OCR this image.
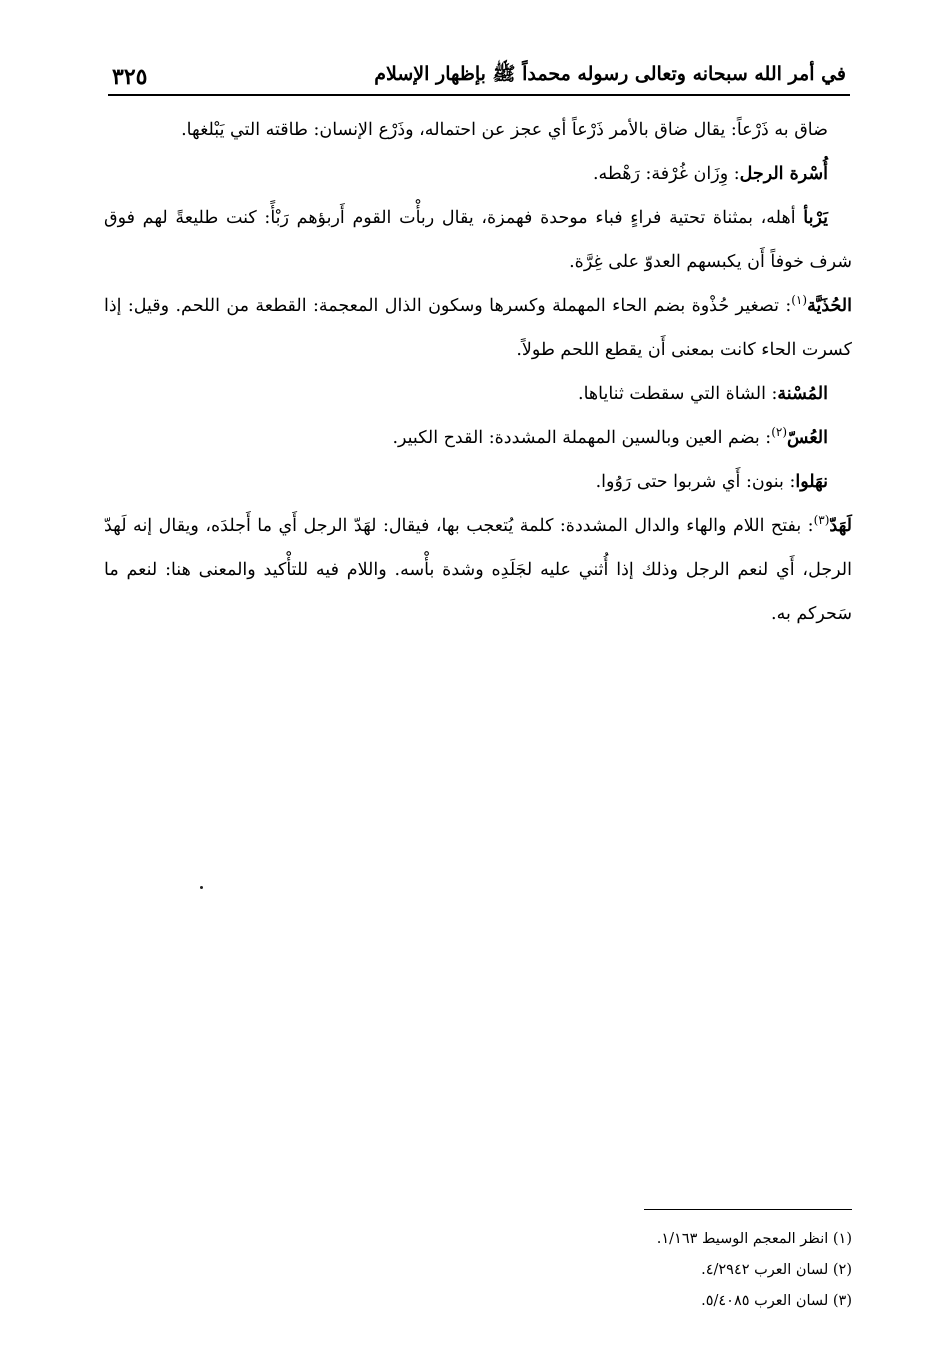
في أمر الله سبحانه وتعالى رسوله محمداً ﷺ بإظهار الإسلام
٣٢٥

ضاق به ذَرْعاً: يقال ضاق بالأمر ذَرْعاً أي عجز عن احتماله، وذَرْع الإنسان: طاقته التي يَبْلغها.

أُسْرة الرجل: وِزَان غُرْفة: رَهْطه.

يَرْبأ أهله، بمثناة تحتية فراءٍ فباء موحدة فهمزة، يقال ربأْت القوم أَربؤهم رَبْأً: كنت طليعةً لهم فوق شرف خوفاً أَن يكبسهم العدوّ على غِرَّة.

الحُذَيَّة$^{(١)}$: تصغير حُذْوة بضم الحاء المهملة وكسرها وسكون الذال المعجمة: القطعة من اللحم. وقيل: إذا كسرت الحاء كانت بمعنى أَن يقطع اللحم طولاً.

المُسْنة: الشاة التي سقطت ثناياها.

العُسّ$^{(٢)}$: بضم العين وبالسين المهملة المشددة: القدح الكبير.

نهَلوا: بنون: أَي شربوا حتى رَوُوا.

لَهَدّ$^{(٣)}$: بفتح اللام والهاء والدال المشددة: كلمة يُتعجب بها، فيقال: لهَدّ الرجل أَي ما أَجلدَه، ويقال إنه لَهدّ الرجل، أَي لنعم الرجل وذلك إذا أُثني عليه لجَلَدِه وشدة بأْسه. واللام فيه للتأْكيد والمعنى هنا: لنعم ما سَحركم به.

(١) انظر المعجم الوسيط ١/١٦٣.

(٢) لسان العرب ٤/٢٩٤٢.

(٣) لسان العرب ٥/٤٠٨٥.
